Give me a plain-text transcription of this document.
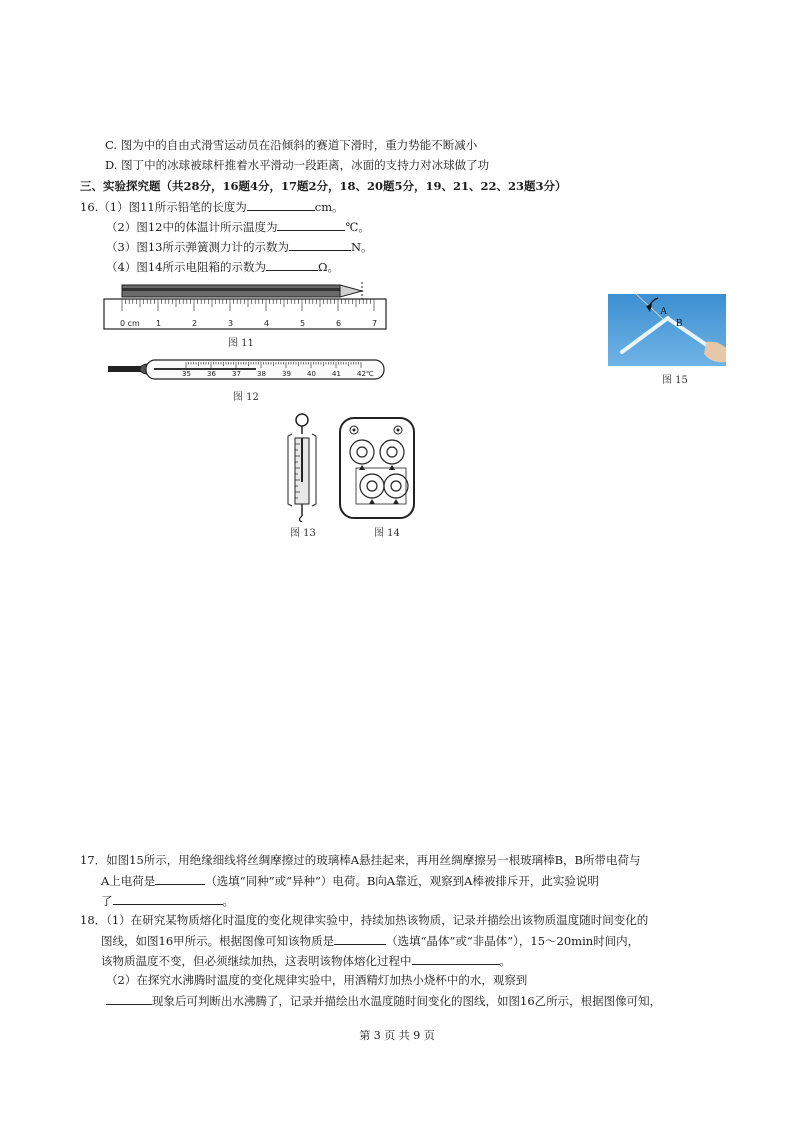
C. 图为中的自由式滑雪运动员在沿倾斜的赛道下滑时，重力势能不断减小
D. 图丁中的冰球被球杆推着水平滑动一段距离，冰面的支持力对冰球做了功
三、实验探究题（共28分，16题4分，17题2分，18、20题5分，19、21、22、23题3分）
16.（1）图11所示铅笔的长度为	cm。
（2）图12中的体温计所示温度为	℃。
（3）图13所示弹簧测力计的示数为	N。
（4）图14所示电阻箱的示数为	Ω。
0 cm 1	2	3	4	5	6	7
图 11
35 36 37 38 39 40 41 42℃
图 12
图 13	图 14
A
B
图 15
17．如图15所示，用绝缘细线将丝绸摩擦过的玻璃棒A悬挂起来，再用丝绸摩擦另一根玻璃棒B，B所带电荷与
A上电荷是	（选填“同种”或“异种”）电荷。B向A靠近，观察到A棒被排斥开，此实验说明
了	。
18．（1）在研究某物质熔化时温度的变化规律实验中，持续加热该物质，记录并描绘出该物质温度随时间变化的
图线，如图16甲所示。根据图像可知该物质是	（选填“晶体”或“非晶体”），15～20min时间内，
该物质温度不变，但必须继续加热，这表明该物体熔化过程中	。
（2）在探究水沸腾时温度的变化规律实验中，用酒精灯加热小烧杯中的水，观察到
现象后可判断出水沸腾了，记录并描绘出水温度随时间变化的图线，如图16乙所示，根据图像可知，
第 3 页 共 9 页
